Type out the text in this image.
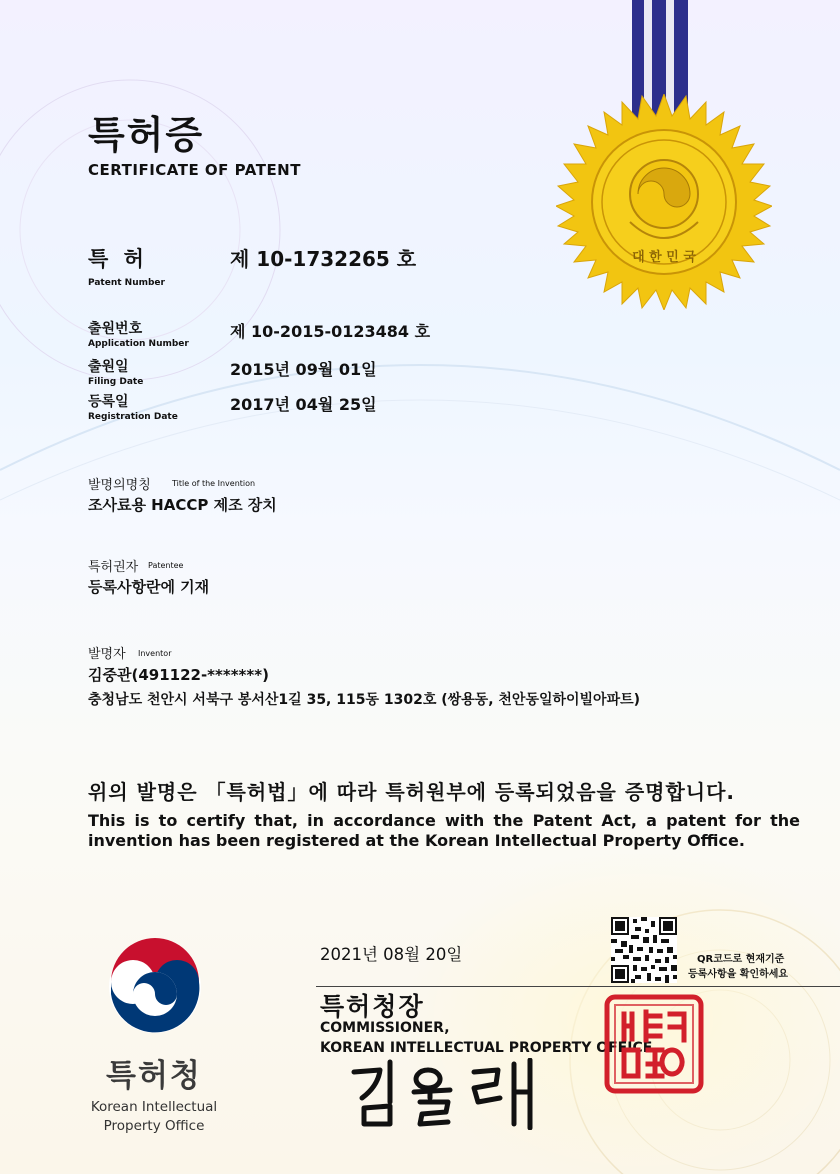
대 한 민 국
특허증
CERTIFICATE OF PATENT
특 허
Patent Number
제 10-1732265 호
출원번호
Application Number
제 10-2015-0123484 호
출원일
Filing Date
2015년 09월 01일
등록일
Registration Date
2017년 04월 25일
발명의명칭	Title of the Invention
조사료용 HACCP 제조 장치
특허권자 Patentee
등록사항란에 기재
발명자 Inventor
김중관(491122-*******)
충청남도 천안시 서북구 봉서산1길 35, 115동 1302호 (쌍용동, 천안동일하이빌아파트)
위의 발명은 「특허법」에 따라 특허원부에 등록되었음을 증명합니다.
This is to certify that, in accordance with the Patent Act, a patent for the invention has been registered at the Korean Intellectual Property Office.
특허청
Korean Intellectual
Property Office
2021년 08월 20일	QR코드로 현재기준
등록사항을 확인하세요
특허청장
COMMISSIONER,
KOREAN INTELLECTUAL PROPERTY OFFICE
